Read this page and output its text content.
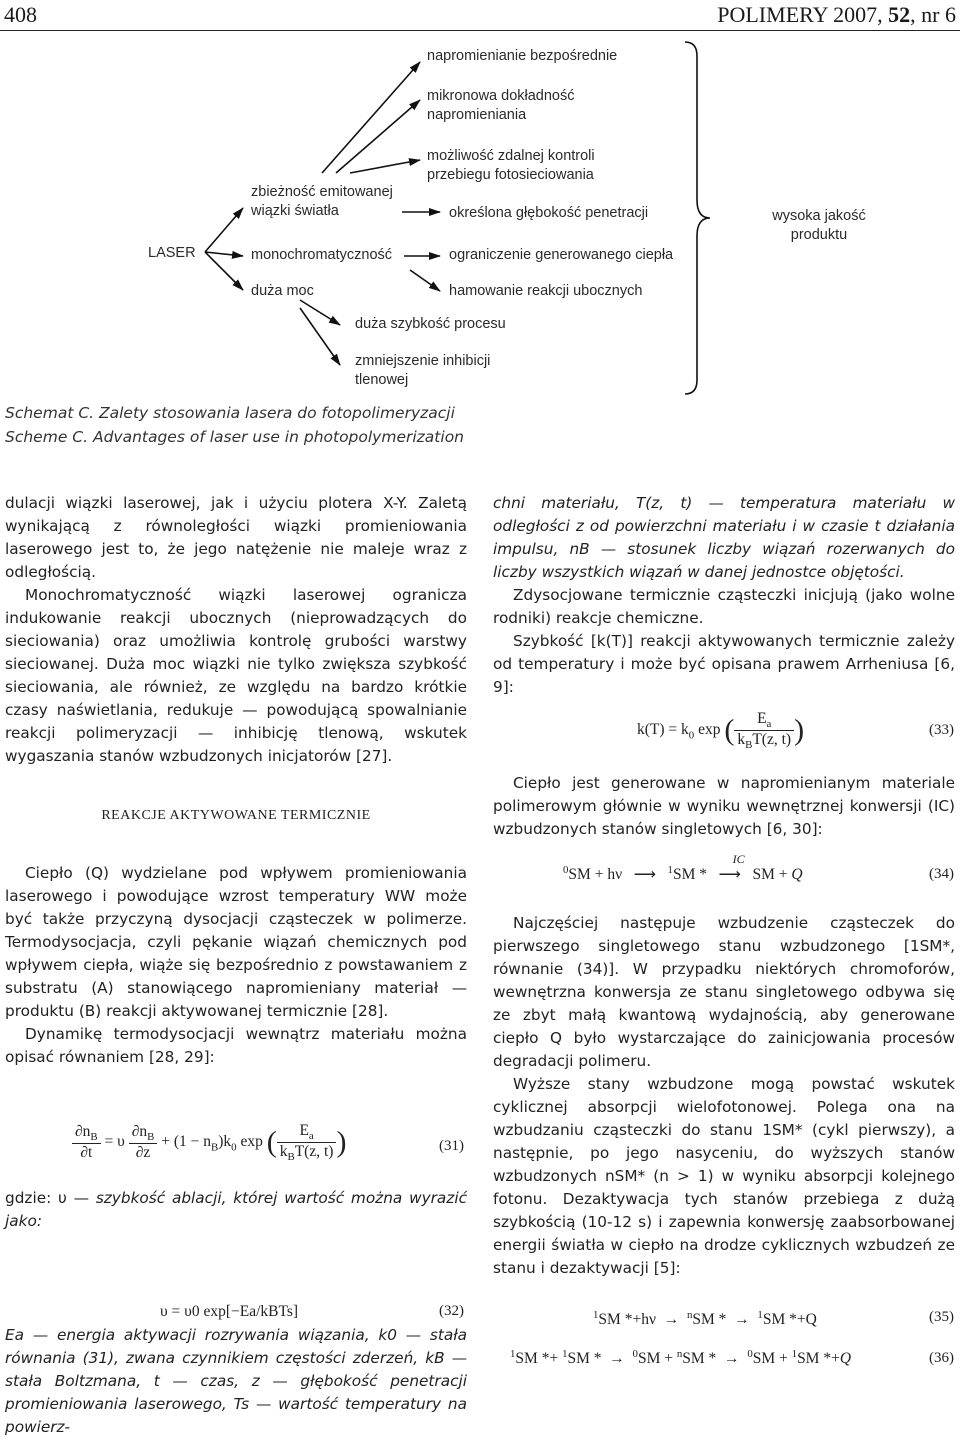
408	POLIMERY 2007, 52, nr 6
LASER
zbieżność emitowanej
wiązki światła
monochromatyczność
duża moc
duża szybkość procesu
zmniejszenie inhibicji
tlenowej
napromienianie bezpośrednie
mikronowa dokładność
napromieniania
możliwość zdalnej kontroli
przebiegu fotosieciowania
określona głębokość penetracji
ograniczenie generowanego ciepła
hamowanie reakcji ubocznych
wysoka jakość
produktu
Schemat C. Zalety stosowania lasera do fotopolimeryzacji
Scheme C. Advantages of laser use in photopolymerization

dulacji wiązki laserowej, jak i użyciu plotera X-Y. Zaletą wynikającą z równoległości wiązki promieniowania laserowego jest to, że jego natężenie nie maleje wraz z odległością.

Monochromatyczność wiązki laserowej ogranicza indukowanie reakcji ubocznych (nieprowadzących do sieciowania) oraz umożliwia kontrolę grubości warstwy sieciowanej. Duża moc wiązki nie tylko zwiększa szybkość sieciowania, ale również, ze względu na bardzo krótkie czasy naświetlania, redukuje — powodującą spowalnianie reakcji polimeryzacji — inhibicję tlenową, wskutek wygaszania stanów wzbudzonych inicjatorów [27].

REAKCJE AKTYWOWANE TERMICZNIE

Ciepło (Q) wydzielane pod wpływem promieniowania laserowego i powodujące wzrost temperatury WW może być także przyczyną dysocjacji cząsteczek w polimerze. Termodysocjacja, czyli pękanie wiązań chemicznych pod wpływem ciepła, wiąże się bezpośrednio z powstawaniem z substratu (A) stanowiącego napromieniany materiał — produktu (B) reakcji aktywowanej termicznie [28].

Dynamikę termodysocjacji wewnątrz materiału można opisać równaniem [28, 29]:

$\frac{\partial n_B}{\partial t} = \upsilon \frac{\partial n_B}{\partial z} + (1 - n_B)k_0$ exp ( $\frac{E_a}{k_BT(z, t)}$ )	(31)

gdzie: υ — szybkość ablacji, której wartość można wyrazić jako:

υ = υ0 exp[−Ea/kBTs]	(32)

Ea — energia aktywacji rozrywania wiązania, k0 — stała równania (31), zwana czynnikiem częstości zderzeń, kB — stała Boltzmana, t — czas, z — głębokość penetracji promieniowania laserowego, Ts — wartość temperatury na powierz-

chni materiału, T(z, t) — temperatura materiału w odległości z od powierzchni materiału i w czasie t działania impulsu, nB — stosunek liczby wiązań rozerwanych do liczby wszystkich wiązań w danej jednostce objętości.

Zdysocjowane termicznie cząsteczki inicjują (jako wolne rodniki) reakcje chemiczne.

Szybkość [k(T)] reakcji aktywowanych termicznie zależy od temperatury i może być opisana prawem Arrheniusa [6, 9]:

$k(T) = k_0$ exp ( $\frac{E_a}{k_BT(z, t)}$ )	(33)

Ciepło jest generowane w napromienianym materiale polimerowym głównie w wyniku wewnętrznej konwersji (IC) wzbudzonych stanów singletowych [6, 30]:

$^0$SM + hν   ⟶   $^1$SM *
IC
⟶   SM + Q	(34)

Najczęściej następuje wzbudzenie cząsteczek do pierwszego singletowego stanu wzbudzonego [1SM*, równanie (34)]. W przypadku niektórych chromoforów, wewnętrzna konwersja ze stanu singletowego odbywa się ze zbyt małą kwantową wydajnością, aby generowane ciepło Q było wystarczające do zainicjowania procesów degradacji polimeru.

Wyższe stany wzbudzone mogą powstać wskutek cyklicznej absorpcji wielofotonowej. Polega ona na wzbudzaniu cząsteczki do stanu 1SM* (cykl pierwszy), a następnie, po jego nasyceniu, do wyższych stanów wzbudzonych nSM* (n > 1) w wyniku absorpcji kolejnego fotonu. Dezaktywacja tych stanów przebiega z dużą szybkością (10-12 s) i zapewnia konwersję zaabsorbowanej energii światła w ciepło na drodze cyklicznych wzbudzeń ze stanu i dezaktywacji [5]:

$^1$SM *+hν  →  $^n$SM *  →  $^1$SM *+Q	(35)
$^1$SM *+ $^1$SM *  →  $^0$SM + $^n$SM *  →  $^0$SM + $^1$SM *+Q	(36)
